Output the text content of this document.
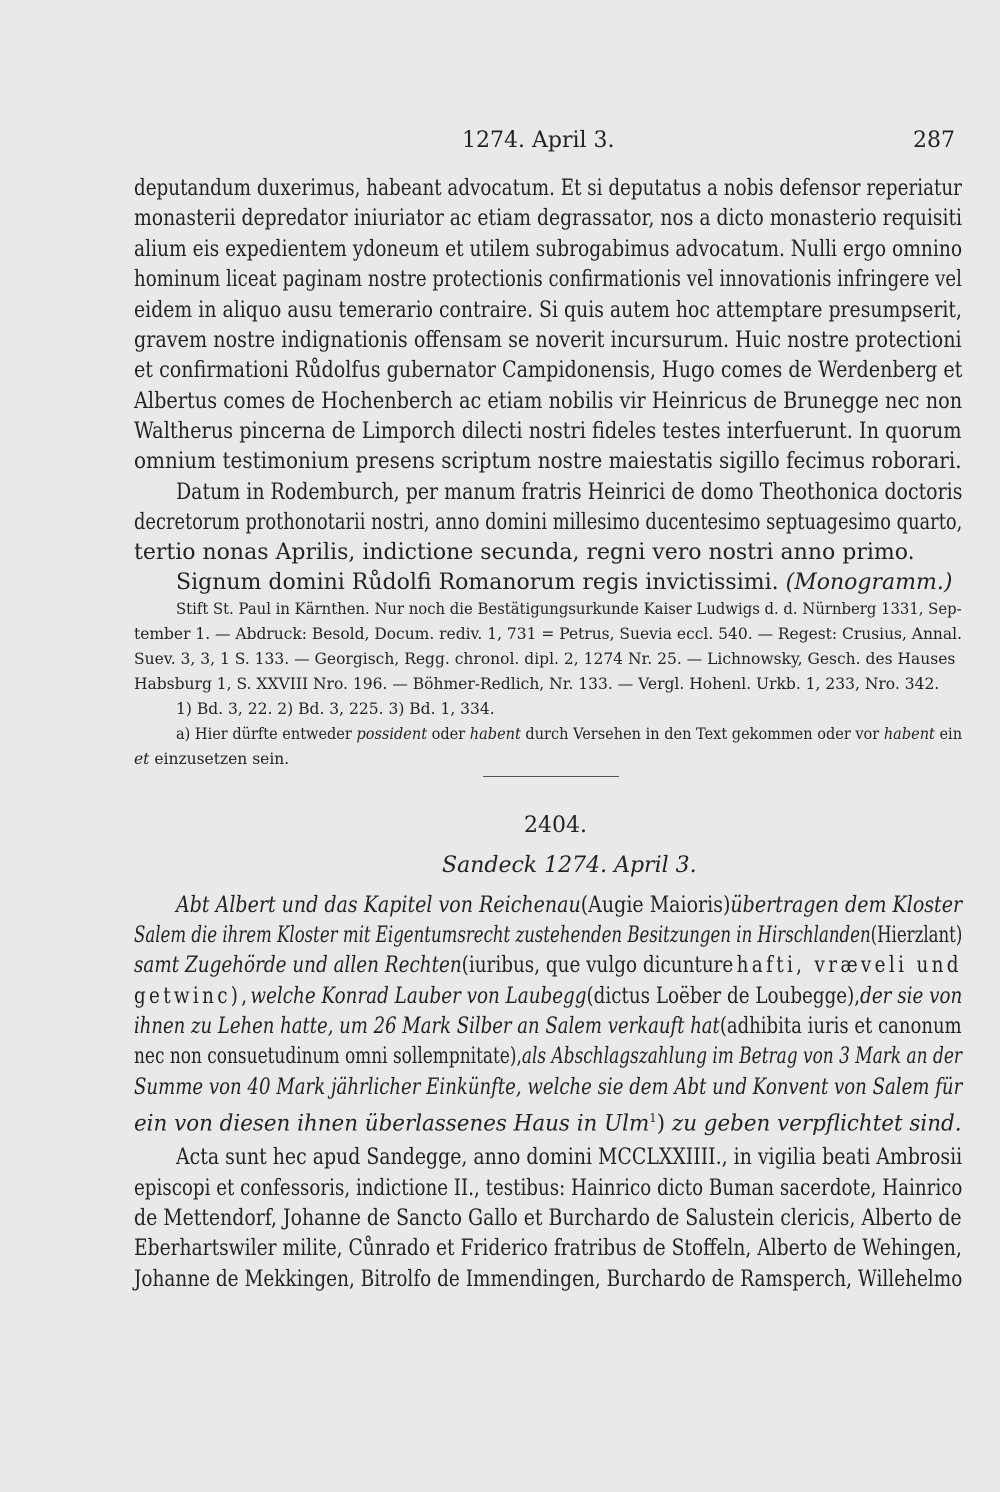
1274. April 3.	287
deputandum duxerimus, habeant advocatum. Et si deputatus a nobis defensor reperiatur
monasterii depredator iniuriator ac etiam degrassator, nos a dicto monasterio requisiti
alium eis expedientem ydoneum et utilem subrogabimus advocatum. Nulli ergo omnino
hominum liceat paginam nostre protectionis confirmationis vel innovationis infringere vel
eidem in aliquo ausu temerario contraire. Si quis autem hoc attemptare presumpserit,
gravem nostre indignationis offensam se noverit incursurum. Huic nostre protectioni
et confirmationi Růdolfus gubernator Campidonensis, Hugo comes de Werdenberg et
Albertus comes de Hochenberch ac etiam nobilis vir Heinricus de Brunegge nec non
Waltherus pincerna de Limporch dilecti nostri fideles testes interfuerunt. In quorum
omnium testimonium presens scriptum nostre maiestatis sigillo fecimus roborari.
Datum in Rodemburch, per manum fratris Heinrici de domo Theothonica doctoris
decretorum prothonotarii nostri, anno domini millesimo ducentesimo septuagesimo quarto,
tertio nonas Aprilis, indictione secunda, regni vero nostri anno primo.
Signum domini Růdolfi Romanorum regis invictissimi. (Monogramm.)
Stift St. Paul in Kärnthen. Nur noch die Bestätigungsurkunde Kaiser Ludwigs d. d. Nürnberg 1331, Sep-
tember 1. — Abdruck: Besold, Docum. rediv. 1, 731 = Petrus, Suevia eccl. 540. — Regest: Crusius, Annal.
Suev. 3, 3, 1 S. 133. — Georgisch, Regg. chronol. dipl. 2, 1274 Nr. 25. — Lichnowsky, Gesch. des Hauses
Habsburg 1, S. XXVIII Nro. 196. — Böhmer-Redlich, Nr. 133. — Vergl. Hohenl. Urkb. 1, 233, Nro. 342.
1) Bd. 3, 22. 2) Bd. 3, 225. 3) Bd. 1, 334.
a) Hier dürfte entweder possident oder habent durch Versehen in den Text gekommen oder vor habent ein
et einzusetzen sein.
2404.
Sandeck 1274. April 3.
Abt Albert und das Kapitel von Reichenau (Augie Maioris) übertragen dem Kloster
Salem die ihrem Kloster mit Eigentumsrecht zustehenden Besitzungen in Hirschlanden (Hierzlant)
samt Zugehörde und allen Rechten (iuribus, que vulgo dicuntur ehafti, vræveli und
getwinc), welche Konrad Lauber von Laubegg (dictus Loëber de Loubegge), der sie von
ihnen zu Lehen hatte, um 26 Mark Silber an Salem verkauft hat (adhibita iuris et canonum
nec non consuetudinum omni sollempnitate), als Abschlagszahlung im Betrag von 3 Mark an der
Summe von 40 Mark jährlicher Einkünfte, welche sie dem Abt und Konvent von Salem für
ein von diesen ihnen überlassenes Haus in Ulm$^1$) zu geben verpflichtet sind.
Acta sunt hec apud Sandegge, anno domini MCCLXXIIII., in vigilia beati Ambrosii
episcopi et confessoris, indictione II., testibus: Hainrico dicto Buman sacerdote, Hainrico
de Mettendorf, Johanne de Sancto Gallo et Burchardo de Salustein clericis, Alberto de
Eberhartswiler milite, Cůnrado et Friderico fratribus de Stoffeln, Alberto de Wehingen,
Johanne de Mekkingen, Bitrolfo de Immendingen, Burchardo de Ramsperch, Willehelmo
